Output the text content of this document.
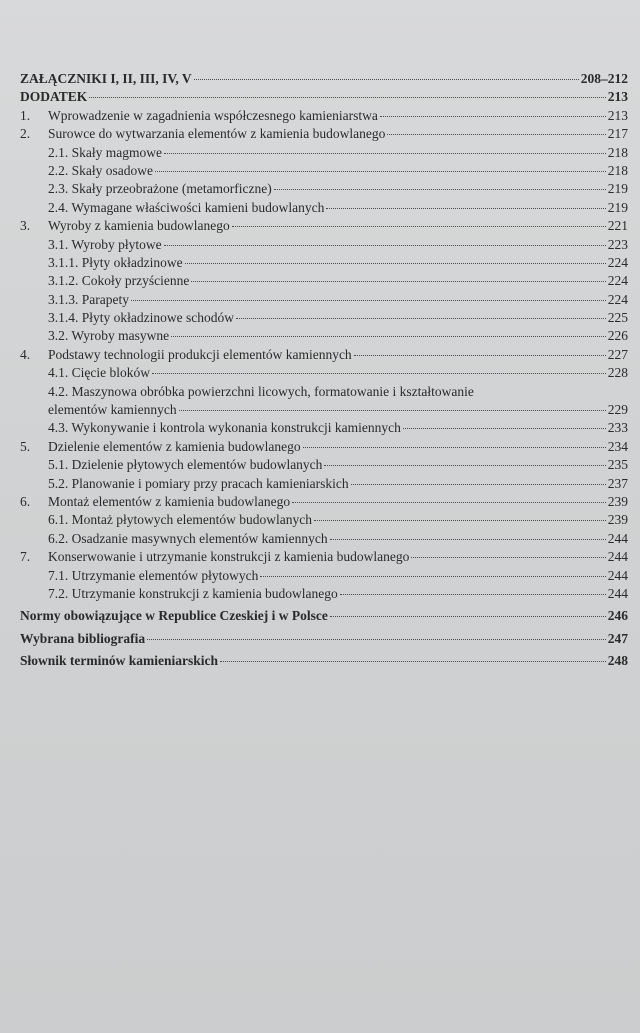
ZAŁĄCZNIKI I, II, III, IV, V	208–212
DODATEK	213
1.	Wprowadzenie w zagadnienia współczesnego kamieniarstwa	213
2.	Surowce do wytwarzania elementów z kamienia budowlanego	217
2.1. Skały magmowe	218
2.2. Skały osadowe	218
2.3. Skały przeobrażone (metamorficzne)	219
2.4. Wymagane właściwości kamieni budowlanych	219
3.	Wyroby z kamienia budowlanego	221
3.1. Wyroby płytowe	223
3.1.1. Płyty okładzinowe	224
3.1.2. Cokoły przyścienne	224
3.1.3. Parapety	224
3.1.4. Płyty okładzinowe schodów	225
3.2. Wyroby masywne	226
4.	Podstawy technologii produkcji elementów kamiennych	227
4.1. Cięcie bloków	228
4.2. Maszynowa obróbka powierzchni licowych, formatowanie i kształtowanie
elementów kamiennych	229
4.3. Wykonywanie i kontrola wykonania konstrukcji kamiennych	233
5.	Dzielenie elementów z kamienia budowlanego	234
5.1. Dzielenie płytowych elementów budowlanych	235
5.2. Planowanie i pomiary przy pracach kamieniarskich	237
6.	Montaż elementów z kamienia budowlanego	239
6.1. Montaż płytowych elementów budowlanych	239
6.2. Osadzanie masywnych elementów kamiennych	244
7.	Konserwowanie i utrzymanie konstrukcji z kamienia budowlanego	244
7.1. Utrzymanie elementów płytowych	244
7.2. Utrzymanie konstrukcji z kamienia budowlanego	244
Normy obowiązujące w Republice Czeskiej i w Polsce	246
Wybrana bibliografia	247
Słownik terminów kamieniarskich	248
